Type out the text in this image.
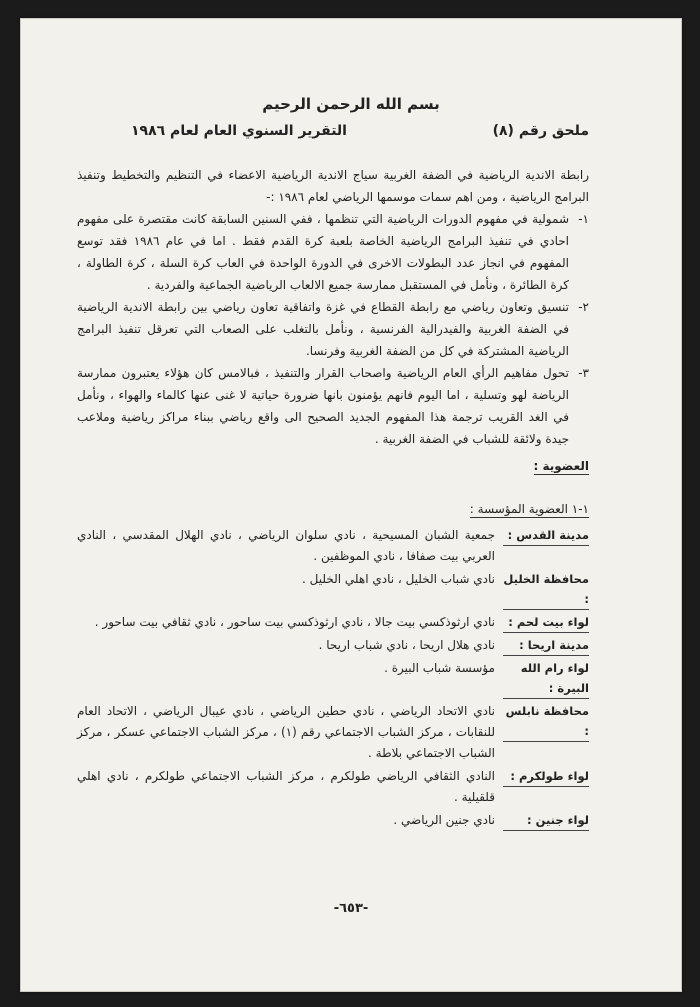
بسم الله الرحمن الرحيم
ملحق رقم (٨)
التقرير السنوي العام لعام ١٩٨٦

رابطة الاندية الرياضية في الضفة الغربية سياج الاندية الرياضية الاعضاء في التنظيم والتخطيط وتنفيذ البرامج الرياضية ، ومن اهم سمات موسمها الرياضي لعام ١٩٨٦ :-

١-
شمولية في مفهوم الدورات الرياضية التي تنظمها ، ففي السنين السابقة كانت مقتصرة على مفهوم احادي في تنفيذ البرامج الرياضية الخاصة بلعبة كرة القدم فقط . اما في عام ١٩٨٦ فقد توسع المفهوم في انجاز عدد البطولات الاخرى في الدورة الواحدة في العاب كرة السلة ، كرة الطاولة ، كرة الطائرة ، ونأمل في المستقبل ممارسة جميع الالعاب الرياضية الجماعية والفردية .
٢-
تنسيق وتعاون رياضي مع رابطة القطاع في غزة واتفاقية تعاون رياضي بين رابطة الاندية الرياضية في الضفة الغربية والفيدرالية الفرنسية ، ونأمل بالتغلب على الصعاب التي تعرقل تنفيذ البرامج الرياضية المشتركة في كل من الضفة الغربية وفرنسا.
٣-
تحول مفاهيم الرأي العام الرياضية واصحاب القرار والتنفيذ ، فبالامس كان هؤلاء يعتبرون ممارسة الرياضة لهو وتسلية ، اما اليوم فانهم يؤمنون بانها ضرورة حياتية لا غنى عنها كالماء والهواء ، ونأمل في الغد القريب ترجمة هذا المفهوم الجديد الصحيح الى واقع رياضي ببناء مراكز رياضية وملاعب جيدة ولائقة للشباب في الضفة الغربية .
العضوية :
١-١ العضوية المؤسسة :
مدينة القدس :
جمعية الشبان المسيحية ، نادي سلوان الرياضي ، نادي الهلال المقدسي ، النادي العربي بيت صفافا ، نادي الموظفين .
محافظة الخليل :
نادي شباب الخليل ، نادي اهلي الخليل .
لواء بيت لحم :
نادي ارثوذكسي بيت جالا ، نادي ارثوذكسي بيت ساحور ، نادي ثقافي بيت ساحور .
مدينة اريحا :
نادي هلال اريحا ، نادي شباب اريحا .
لواء رام الله البيرة :
مؤسسة شباب البيرة .
محافظة نابلس :
نادي الاتحاد الرياضي ، نادي حطين الرياضي ، نادي عيبال الرياضي ، الاتحاد العام للنقابات ، مركز الشباب الاجتماعي رقم (١) ، مركز الشباب الاجتماعي عسكر ، مركز الشباب الاجتماعي بلاطة .
لواء طولكرم :
النادي الثقافي الرياضي طولكرم ، مركز الشباب الاجتماعي طولكرم ، نادي اهلي قلقيلية .
لواء جنين :
نادي جنين الرياضي .
-٦٥٣-
